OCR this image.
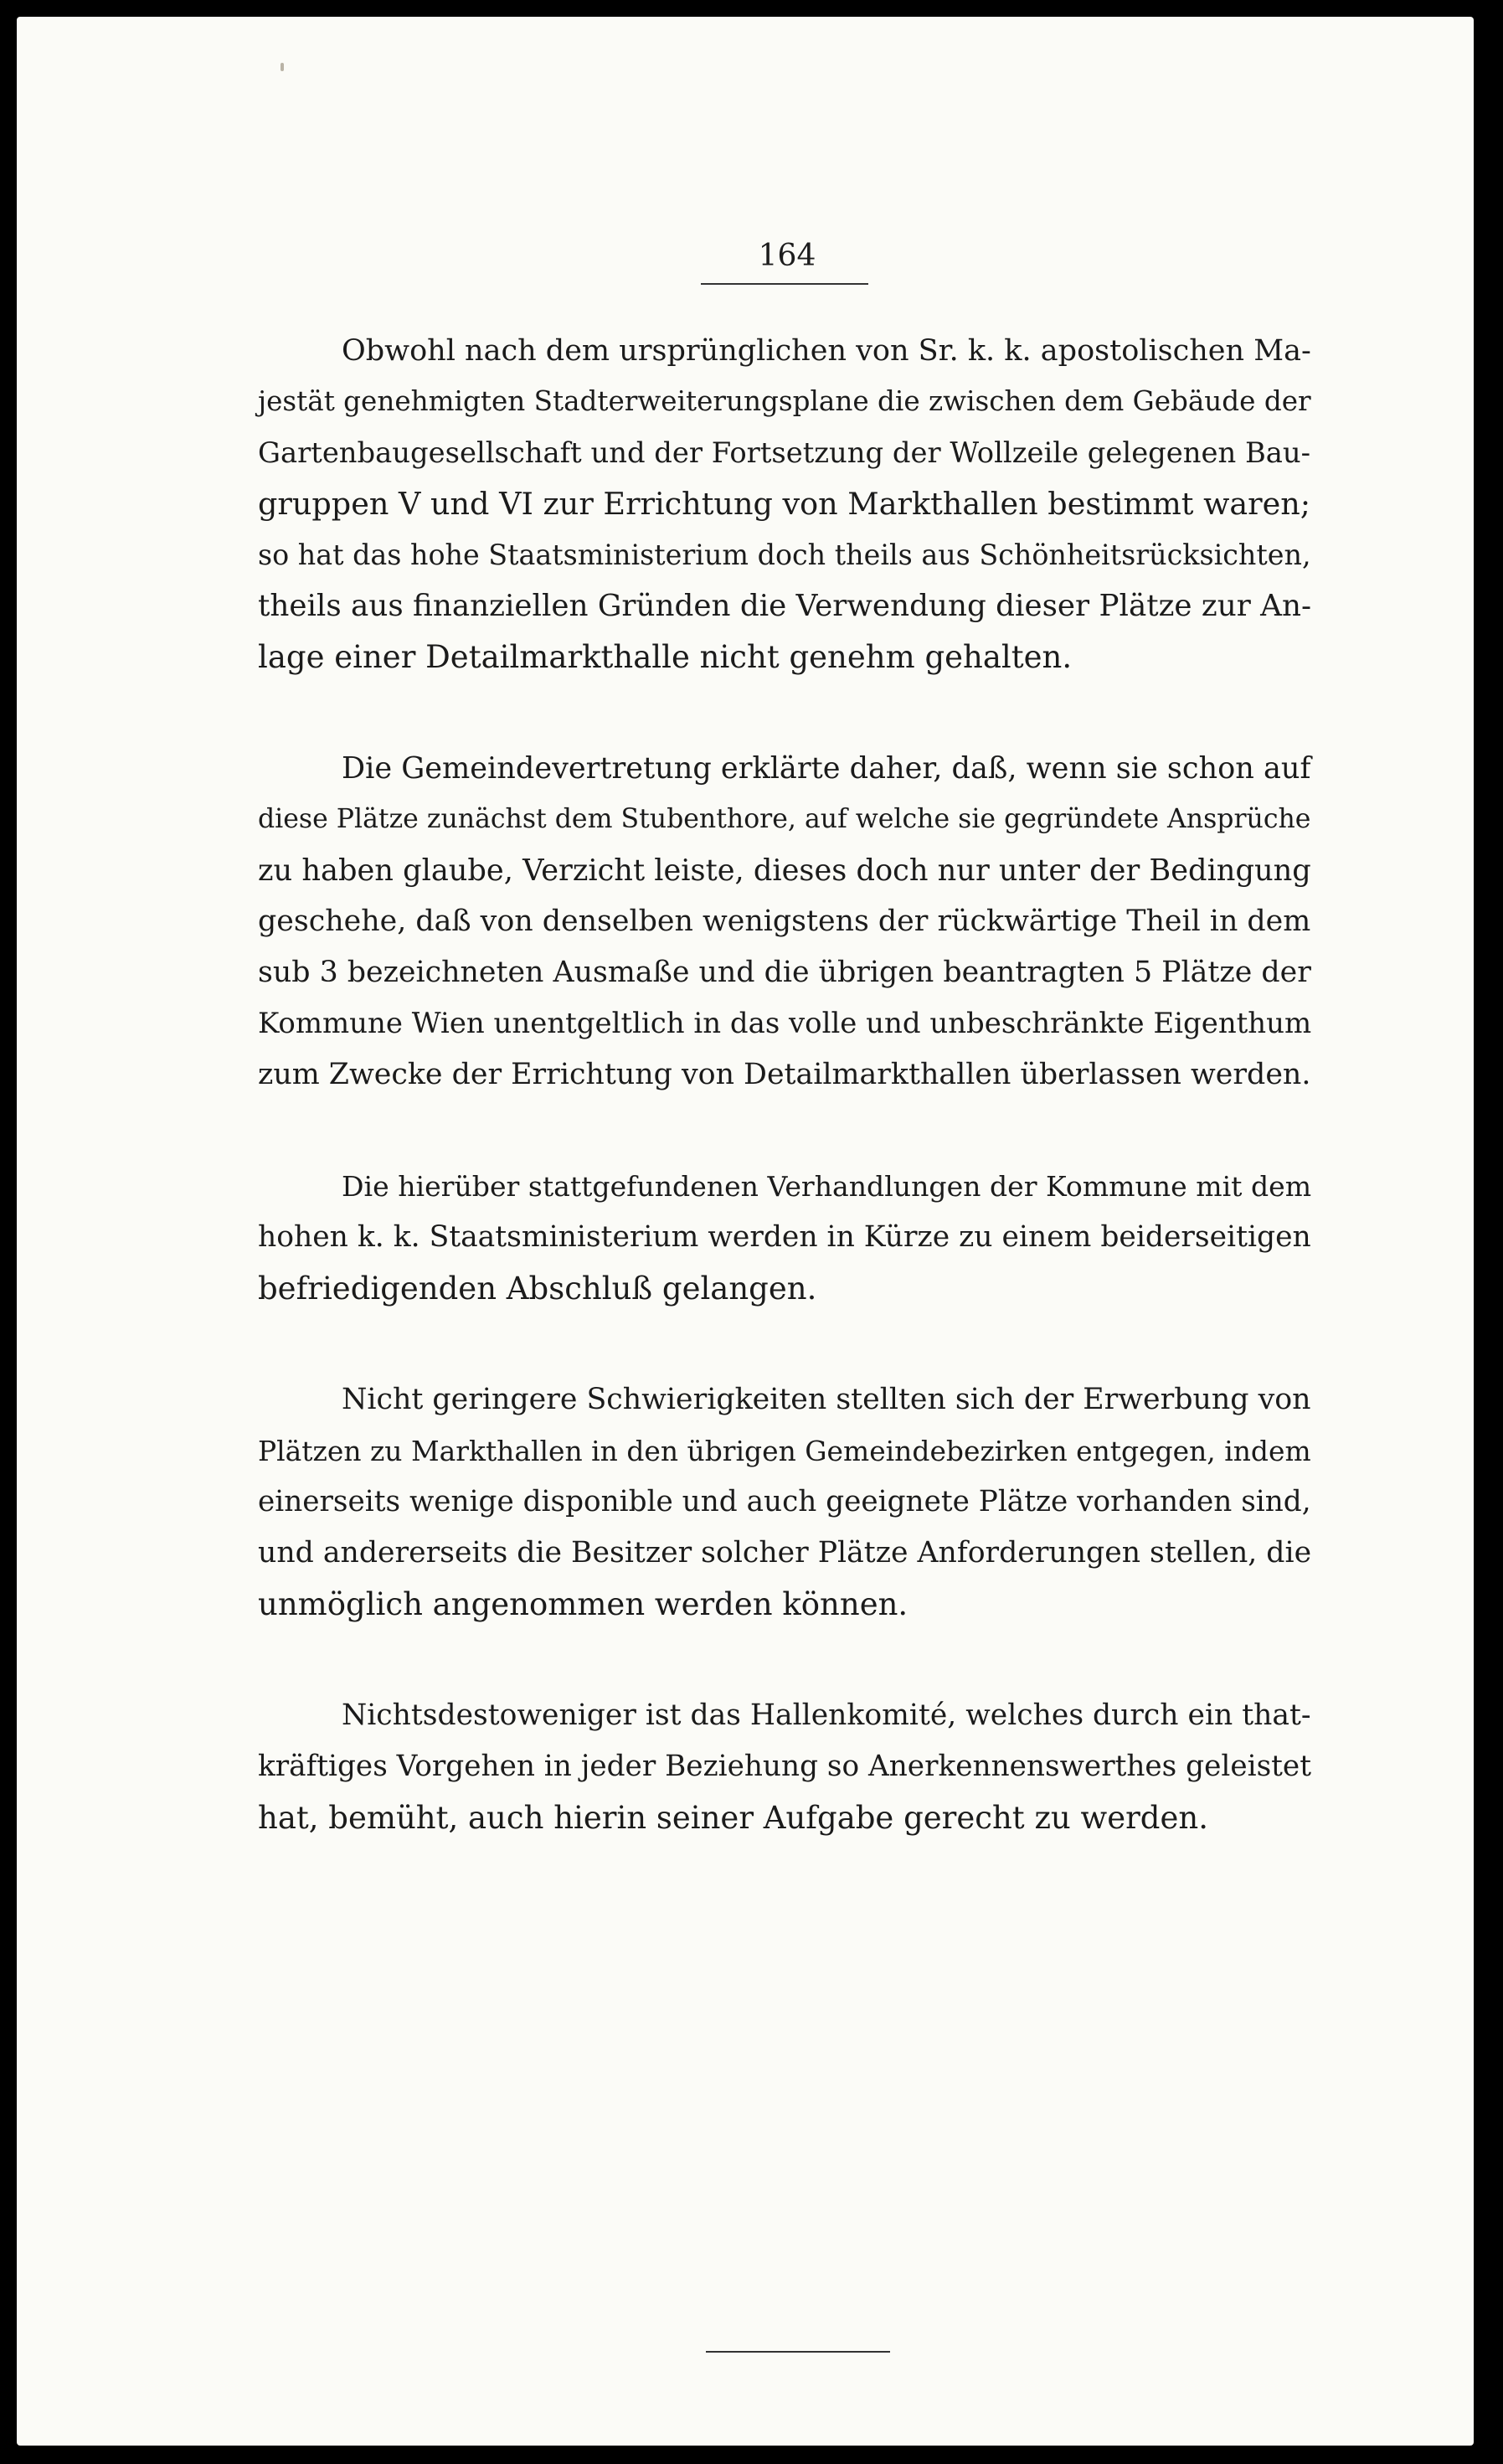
164

Obwohl nach dem ursprünglichen von Sr. k. k. apostolischen Ma-
jestät genehmigten Stadterweiterungsplane die zwischen dem Gebäude der
Gartenbaugesellschaft und der Fortsetzung der Wollzeile gelegenen Bau-
gruppen V und VI zur Errichtung von Markthallen bestimmt waren;
so hat das hohe Staatsministerium doch theils aus Schönheitsrücksichten,
theils aus finanziellen Gründen die Verwendung dieser Plätze zur An-
lage einer Detailmarkthalle nicht genehm gehalten.

Die Gemeindevertretung erklärte daher, daß, wenn sie schon auf
diese Plätze zunächst dem Stubenthore, auf welche sie gegründete Ansprüche
zu haben glaube, Verzicht leiste, dieses doch nur unter der Bedingung
geschehe, daß von denselben wenigstens der rückwärtige Theil in dem
sub 3 bezeichneten Ausmaße und die übrigen beantragten 5 Plätze der
Kommune Wien unentgeltlich in das volle und unbeschränkte Eigenthum
zum Zwecke der Errichtung von Detailmarkthallen überlassen werden.

Die hierüber stattgefundenen Verhandlungen der Kommune mit dem
hohen k. k. Staatsministerium werden in Kürze zu einem beiderseitigen
befriedigenden Abschluß gelangen.

Nicht geringere Schwierigkeiten stellten sich der Erwerbung von
Plätzen zu Markthallen in den übrigen Gemeindebezirken entgegen, indem
einerseits wenige disponible und auch geeignete Plätze vorhanden sind,
und andererseits die Besitzer solcher Plätze Anforderungen stellen, die
unmöglich angenommen werden können.

Nichtsdestoweniger ist das Hallenkomité, welches durch ein that-
kräftiges Vorgehen in jeder Beziehung so Anerkennenswerthes geleistet
hat, bemüht, auch hierin seiner Aufgabe gerecht zu werden.
